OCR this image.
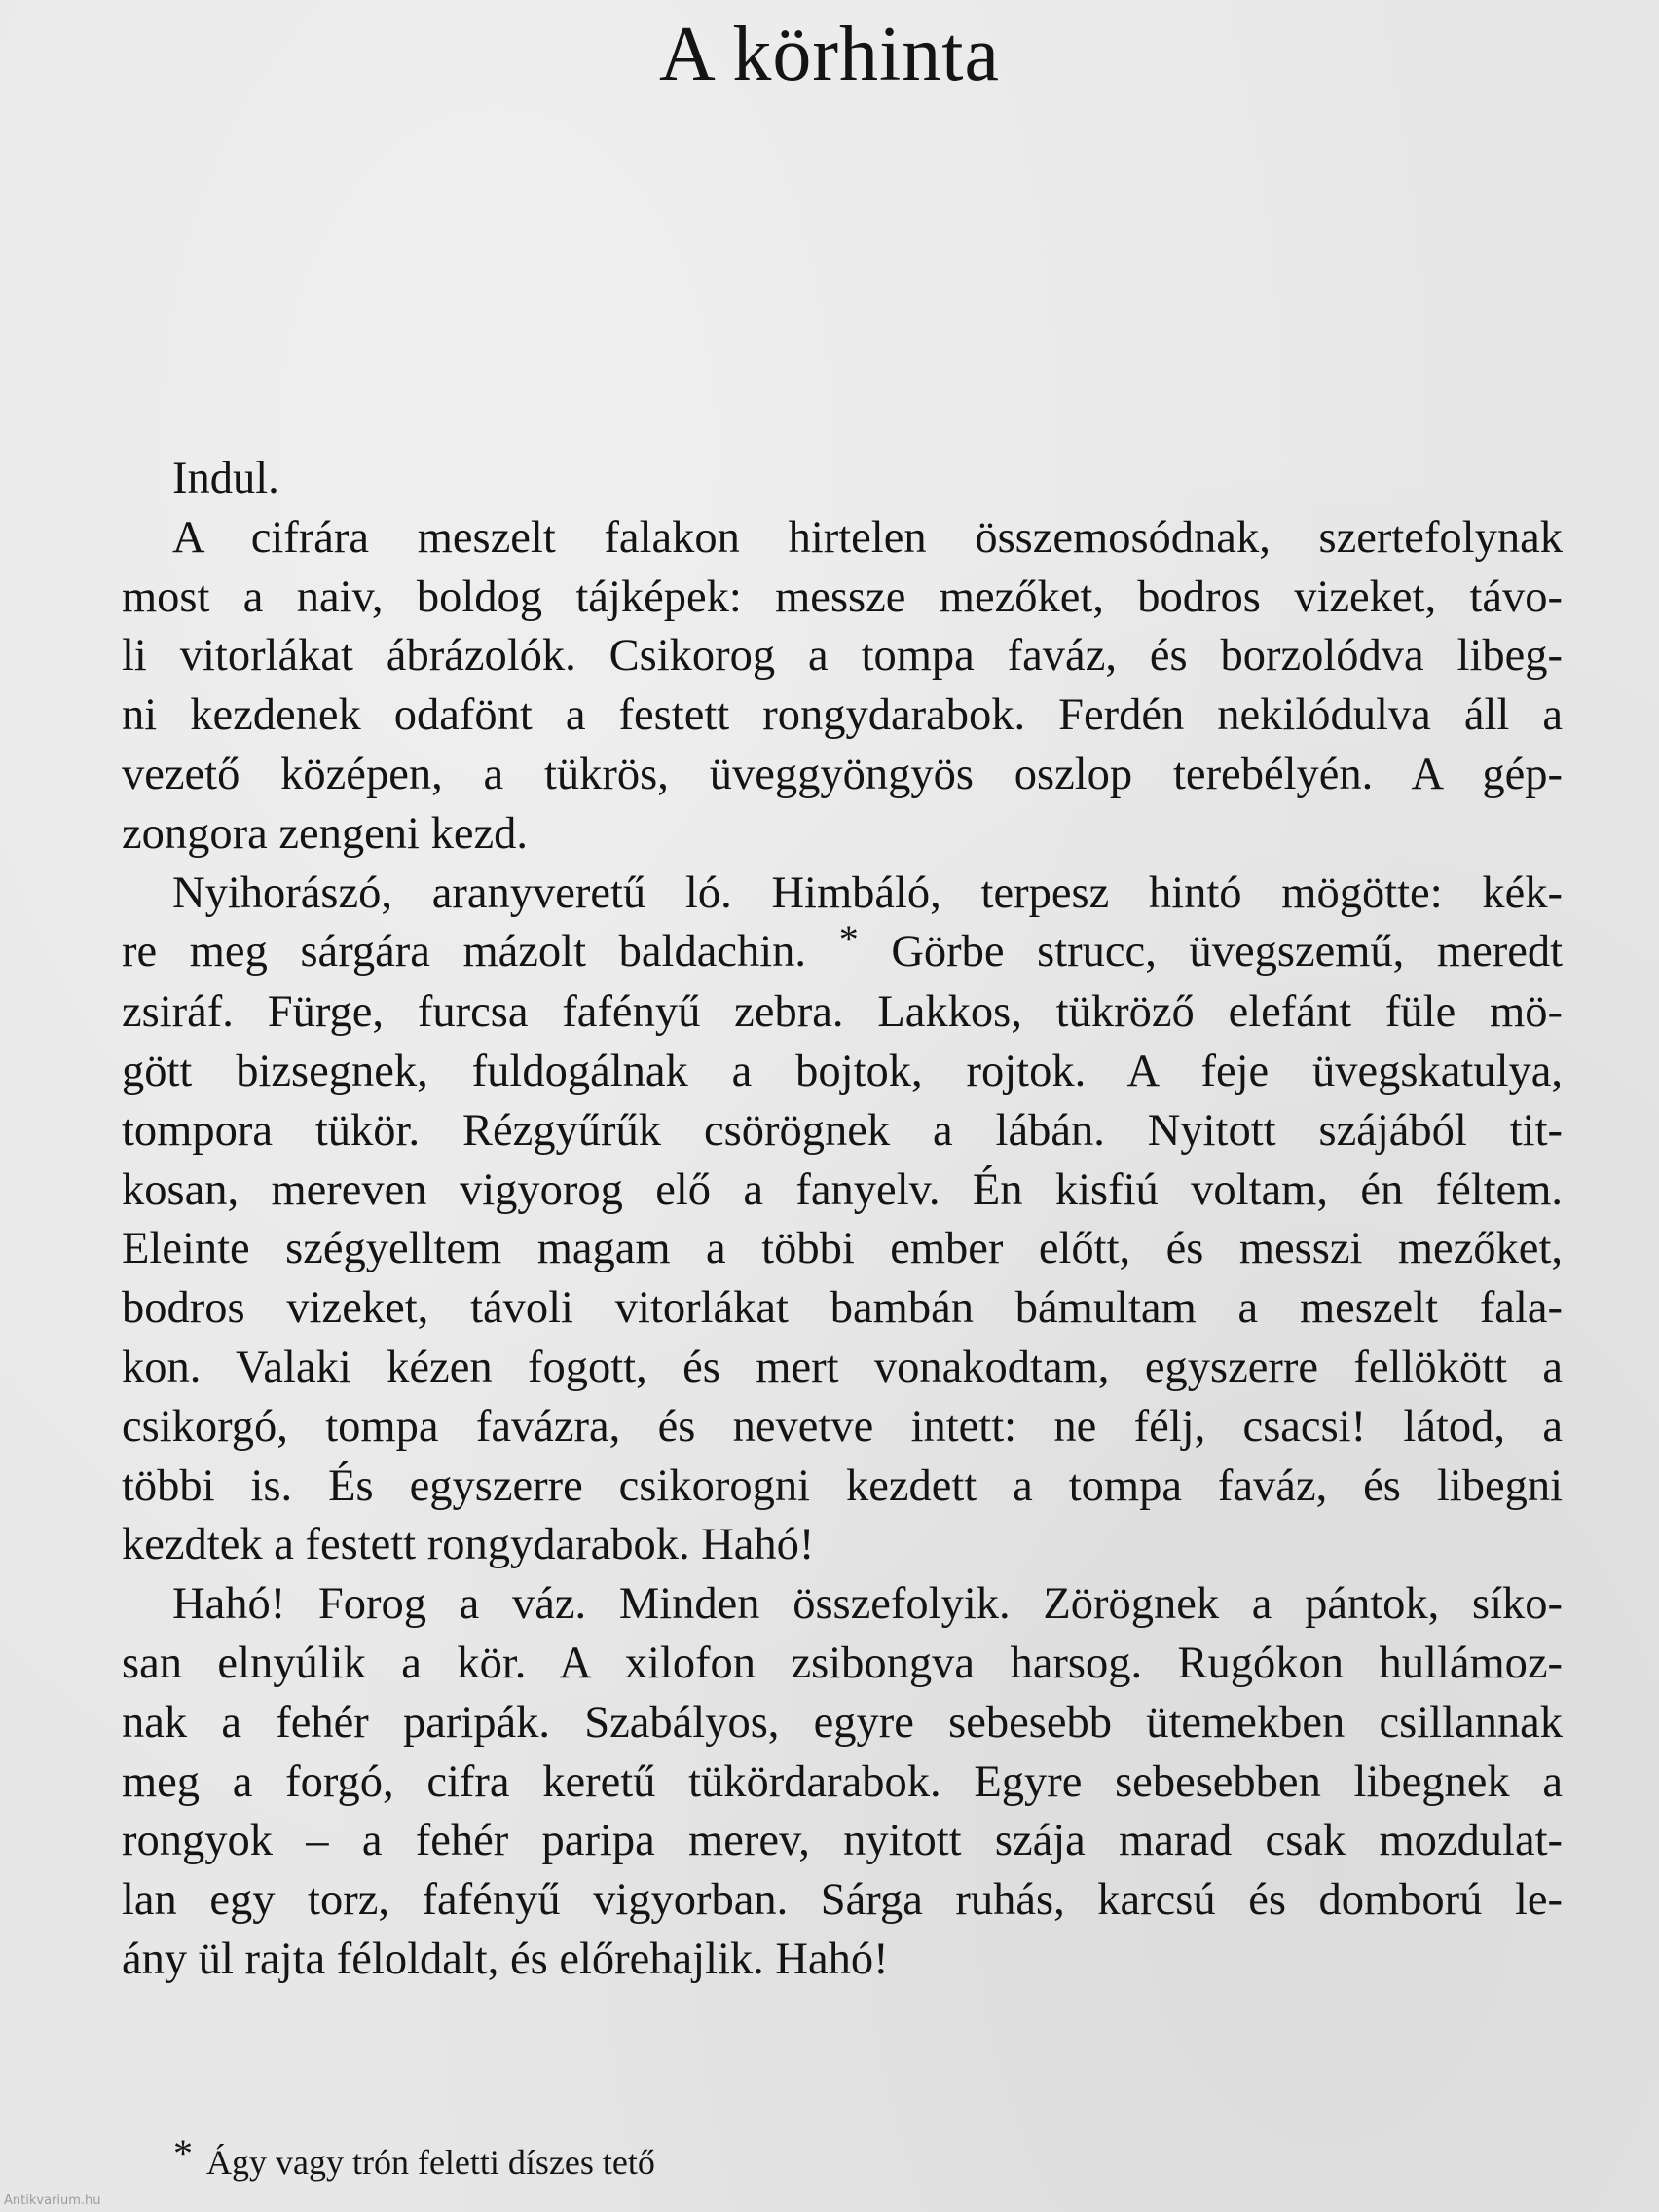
A körhinta
Indul.
A cifrára meszelt falakon hirtelen összemosódnak, szertefolynak
most a naiv, boldog tájképek: messze mezőket, bodros vizeket, távo-
li vitorlákat ábrázolók. Csikorog a tompa faváz, és borzolódva libeg-
ni kezdenek odafönt a festett rongydarabok. Ferdén nekilódulva áll a
vezető középen, a tükrös, üveggyöngyös oszlop terebélyén. A gép-
zongora zengeni kezd.
Nyihorászó, aranyveretű ló. Himbáló, terpesz hintó mögötte: kék-
re meg sárgára mázolt baldachin. * Görbe strucc, üvegszemű, meredt
zsiráf. Fürge, furcsa fafényű zebra. Lakkos, tükröző elefánt füle mö-
gött bizsegnek, fuldogálnak a bojtok, rojtok. A feje üvegskatulya,
tompora tükör. Rézgyűrűk csörögnek a lábán. Nyitott szájából tit-
kosan, mereven vigyorog elő a fanyelv. Én kisfiú voltam, én féltem.
Eleinte szégyelltem magam a többi ember előtt, és messzi mezőket,
bodros vizeket, távoli vitorlákat bambán bámultam a meszelt fala-
kon. Valaki kézen fogott, és mert vonakodtam, egyszerre fellökött a
csikorgó, tompa favázra, és nevetve intett: ne félj, csacsi! látod, a
többi is. És egyszerre csikorogni kezdett a tompa faváz, és libegni
kezdtek a festett rongydarabok. Hahó!
Hahó! Forog a váz. Minden összefolyik. Zörögnek a pántok, síko-
san elnyúlik a kör. A xilofon zsibongva harsog. Rugókon hullámoz-
nak a fehér paripák. Szabályos, egyre sebesebb ütemekben csillannak
meg a forgó, cifra keretű tükördarabok. Egyre sebesebben libegnek a
rongyok – a fehér paripa merev, nyitott szája marad csak mozdulat-
lan egy torz, fafényű vigyorban. Sárga ruhás, karcsú és domború le-
ány ül rajta féloldalt, és előrehajlik. Hahó!
* Ágy vagy trón feletti díszes tető
Antikvarium.hu
